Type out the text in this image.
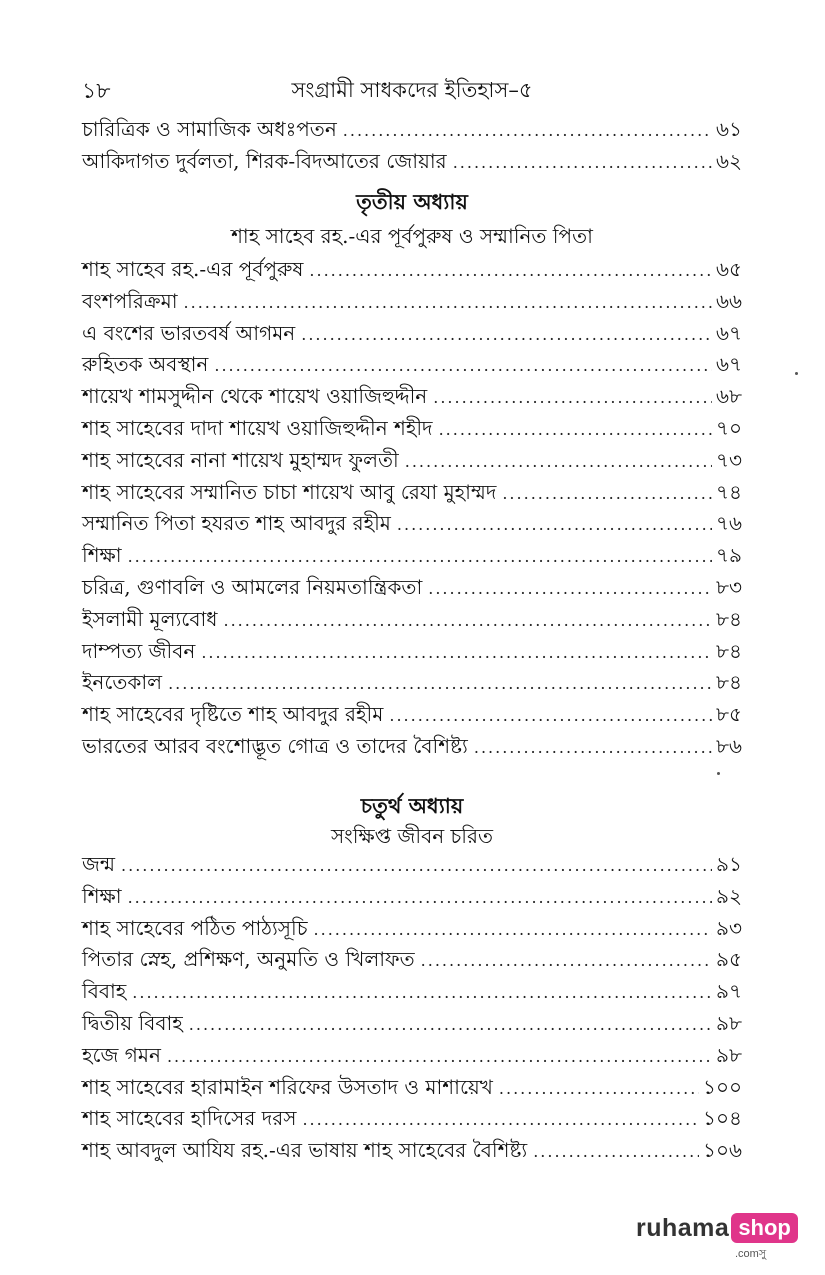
১৮	সংগ্রামী সাধকদের ইতিহাস–৫
চারিত্রিক ও সামাজিক অধঃপতন .....	৬১
আকিদাগত দুর্বলতা, শিরক-বিদআতের জোয়ার .....	৬২
তৃতীয় অধ্যায়
শাহ সাহেব রহ.-এর পূর্বপুরুষ ও সম্মানিত পিতা
শাহ সাহেব রহ.-এর পূর্বপুরুষ .....	৬৫
বংশপরিক্রমা .....	৬৬
এ বংশের ভারতবর্ষ আগমন .....	৬৭
রুহিতক অবস্থান .....	৬৭
শায়েখ শামসুদ্দীন থেকে শায়েখ ওয়াজিহুদ্দীন .....	৬৮
শাহ সাহেবের দাদা শায়েখ ওয়াজিহুদ্দীন শহীদ .....	৭০
শাহ সাহেবের নানা শায়েখ মুহাম্মদ ফুলতী .....	৭৩
শাহ সাহেবের সম্মানিত চাচা শায়েখ আবু রেযা মুহাম্মদ .....	৭৪
সম্মানিত পিতা হযরত শাহ আবদুর রহীম .....	৭৬
শিক্ষা .....	৭৯
চরিত্র, গুণাবলি ও আমলের নিয়মতান্ত্রিকতা .....	৮৩
ইসলামী মূল্যবোধ .....	৮৪
দাম্পত্য জীবন .....	৮৪
ইনতেকাল .....	৮৪
শাহ সাহেবের দৃষ্টিতে শাহ আবদুর রহীম .....	৮৫
ভারতের আরব বংশোদ্ভূত গোত্র ও তাদের বৈশিষ্ট্য .....	৮৬
চতুর্থ অধ্যায়
সংক্ষিপ্ত জীবন চরিত
জন্ম .....	৯১
শিক্ষা .....	৯২
শাহ সাহেবের পঠিত পাঠ্যসূচি .....	৯৩
পিতার স্নেহ, প্রশিক্ষণ, অনুমতি ও খিলাফত .....	৯৫
বিবাহ .....	৯৭
দ্বিতীয় বিবাহ .....	৯৮
হজে গমন .....	৯৮
শাহ সাহেবের হারামাইন শরিফের উসতাদ ও মাশায়েখ .....	১০০
শাহ সাহেবের হাদিসের দরস .....	১০৪
শাহ আবদুল আযিয রহ.-এর ভাষায় শাহ সাহেবের বৈশিষ্ট্য .....	১০৬
ruhama shop
.comসু
